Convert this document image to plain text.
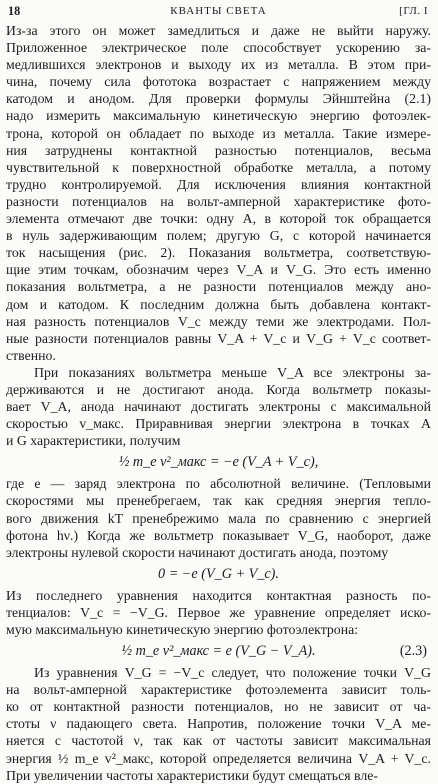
18	КВАНТЫ СВЕТА	[ГЛ. I
Из-за этого он может замедлиться и даже не выйти наружу.
Приложенное электрическое поле способствует ускорению за-
медлившихся электронов и выходу их из металла. В этом при-
чина, почему сила фототока возрастает с напряжением между
катодом и анодом. Для проверки формулы Эйнштейна (2.1)
надо измерить максимальную кинетическую энергию фотоэлек-
трона, которой он обладает по выходе из металла. Такие измере-
ния затруднены контактной разностью потенциалов, весьма
чувствительной к поверхностной обработке металла, а потому
трудно контролируемой. Для исключения влияния контактной
разности потенциалов на вольт-амперной характеристике фото-
элемента отмечают две точки: одну A, в которой ток обращается
в нуль задерживающим полем; другую G, с которой начинается
ток насыщения (рис. 2). Показания вольтметра, соответствую-
щие этим точкам, обозначим через V_A и V_G. Это есть именно
показания вольтметра, а не разности потенциалов между ано-
дом и катодом. К последним должна быть добавлена контакт-
ная разность потенциалов V_c между теми же электродами. Пол-
ные разности потенциалов равны V_A + V_c и V_G + V_c соответ-
ственно.
При показаниях вольтметра меньше V_A все электроны за-
держиваются и не достигают анода. Когда вольтметр показы-
вает V_A, анода начинают достигать электроны с максимальной
скоростью v_макс. Приравнивая энергии электрона в точках A
и G характеристики, получим
½ m_e v²_макс = −e (V_A + V_c),
где e — заряд электрона по абсолютной величине. (Тепловыми
скоростями мы пренебрегаем, так как средняя энергия тепло-
вого движения kT пренебрежимо мала по сравнению с энергией
фотона hν.) Когда же вольтметр показывает V_G, наоборот, даже
электроны нулевой скорости начинают достигать анода, поэтому
0 = −e (V_G + V_c).
Из последнего уравнения находится контактная разность по-
тенциалов: V_c = −V_G. Первое же уравнение определяет иско-
мую максимальную кинетическую энергию фотоэлектрона:
½ m_e v²_макс = e (V_G − V_A).	(2.3)
Из уравнения V_G = −V_c следует, что положение точки V_G
на вольт-амперной характеристике фотоэлемента зависит толь-
ко от контактной разности потенциалов, но не зависит от ча-
стоты ν падающего света. Напротив, положение точки V_A ме-
няется с частотой ν, так как от частоты зависит максимальная
энергия ½ m_e v²_макс, которой определяется величина V_A + V_c.
При увеличении частоты характеристики будут смещаться вле-
